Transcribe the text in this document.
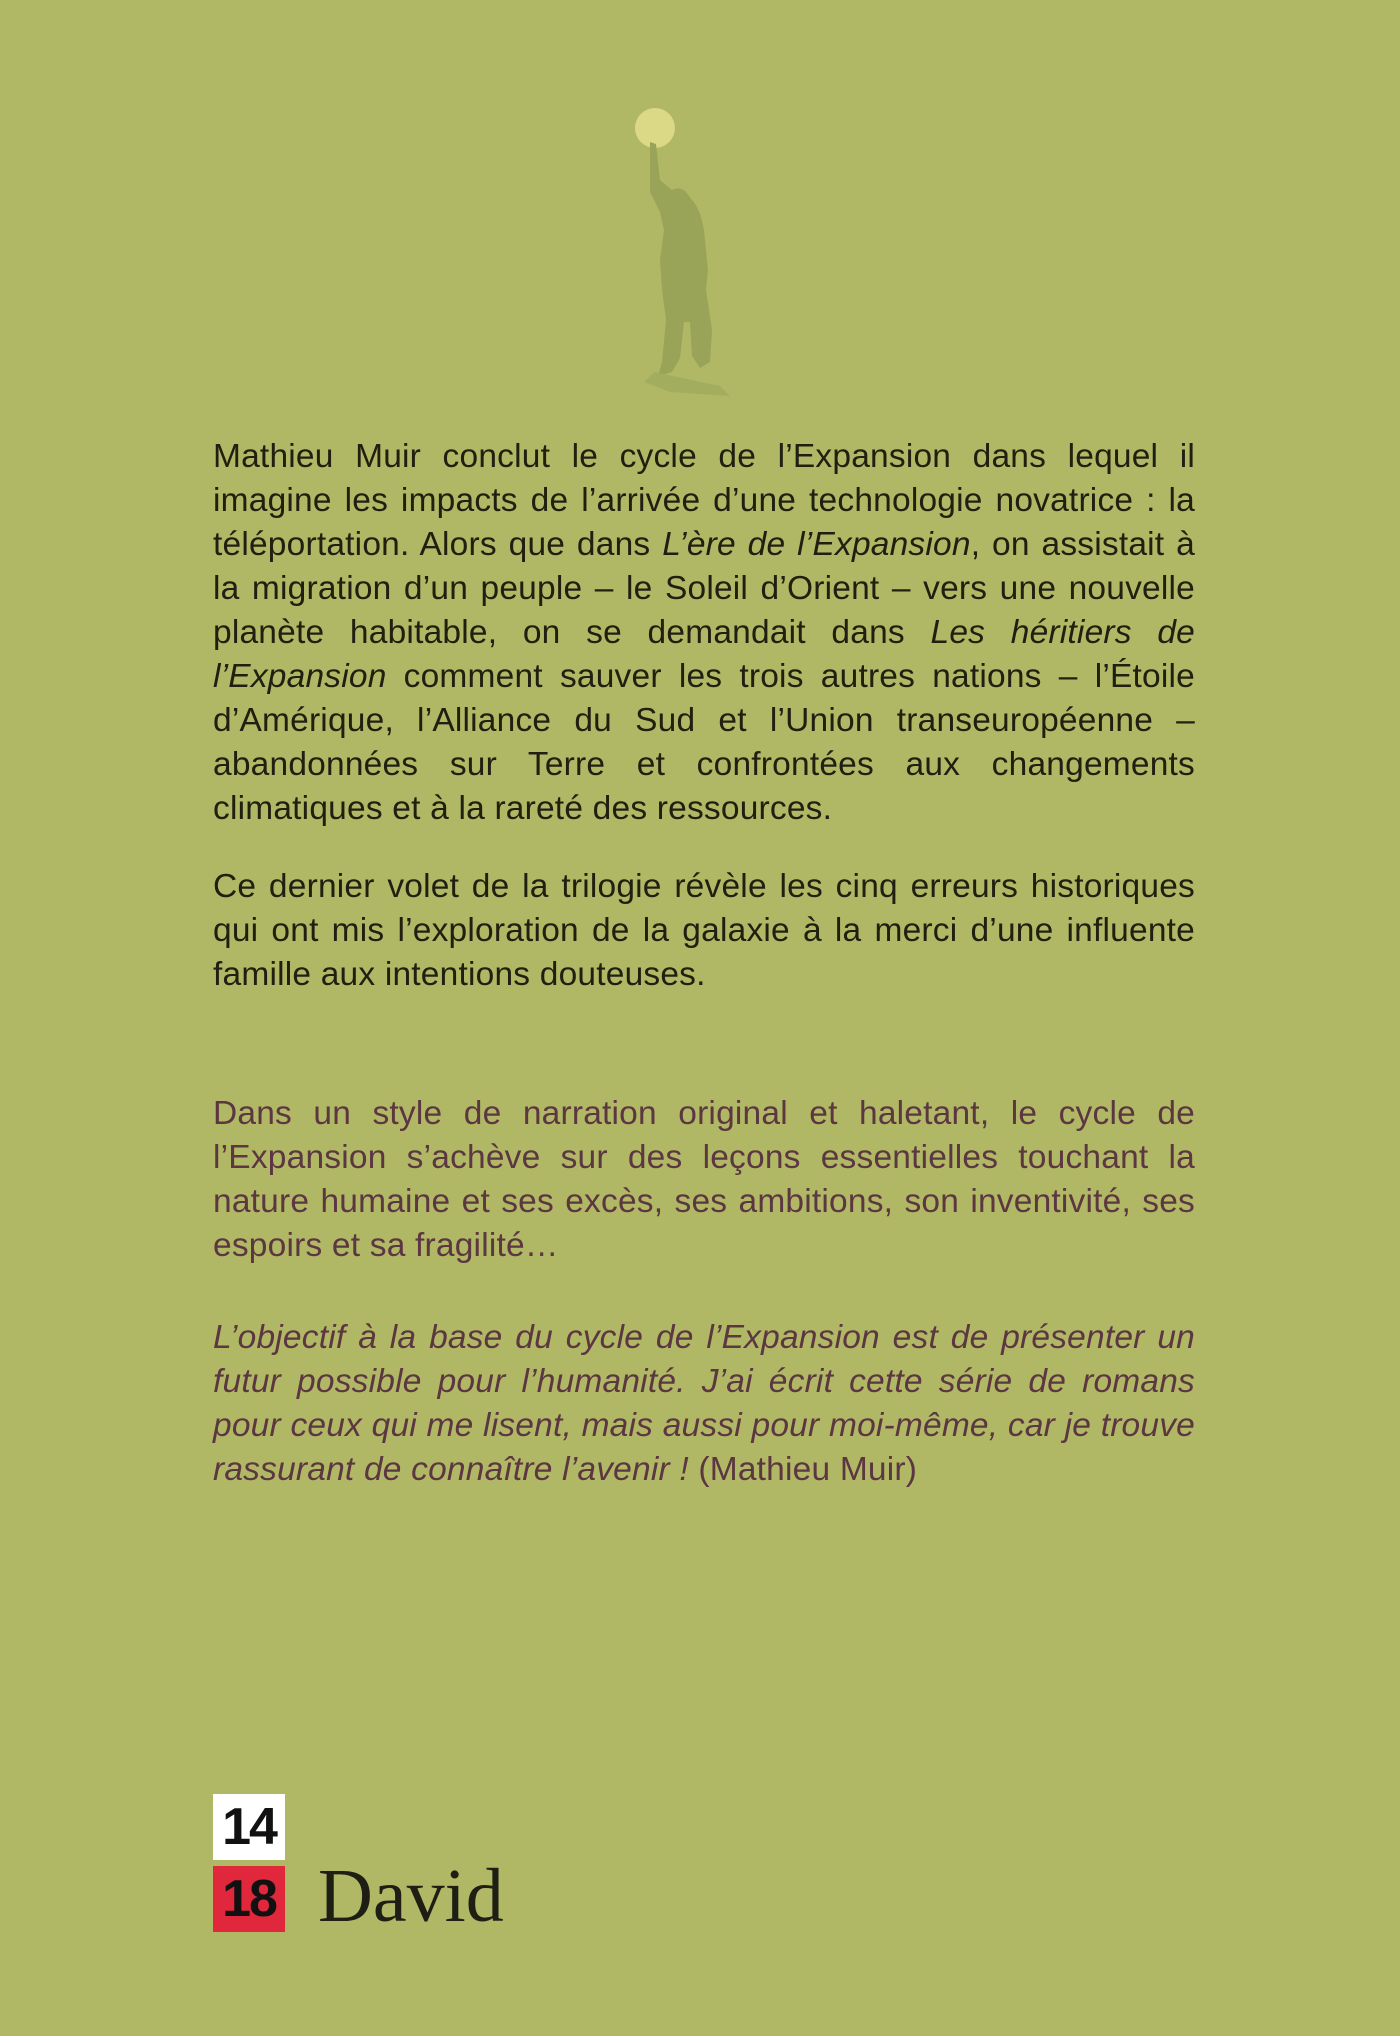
Mathieu Muir conclut le cycle de l’Expansion dans lequel il imagine les impacts de l’arrivée d’une technologie novatrice : la téléportation. Alors que dans L’ère de l’Expansion, on assistait à la migration d’un peuple – le Soleil d’Orient – vers une nouvelle planète habitable, on se demandait dans Les héritiers de l’Expansion comment sauver les trois autres nations – l’Étoile d’Amérique, l’Alliance du Sud et l’Union transeuropéenne – abandonnées sur Terre et confrontées aux changements climatiques et à la rareté des ressources.

Ce dernier volet de la trilogie révèle les cinq erreurs historiques qui ont mis l’exploration de la galaxie à la merci d’une influente famille aux intentions douteuses.

Dans un style de narration original et haletant, le cycle de l’Expansion s’achève sur des leçons essentielles touchant la nature humaine et ses excès, ses ambitions, son inventivité, ses espoirs et sa fragilité…

L’objectif à la base du cycle de l’Expansion est de présenter un futur possible pour l’humanité. J’ai écrit cette série de romans pour ceux qui me lisent, mais aussi pour moi-même, car je trouve rassurant de connaître l’avenir ! (Mathieu Muir)

14
18 David
